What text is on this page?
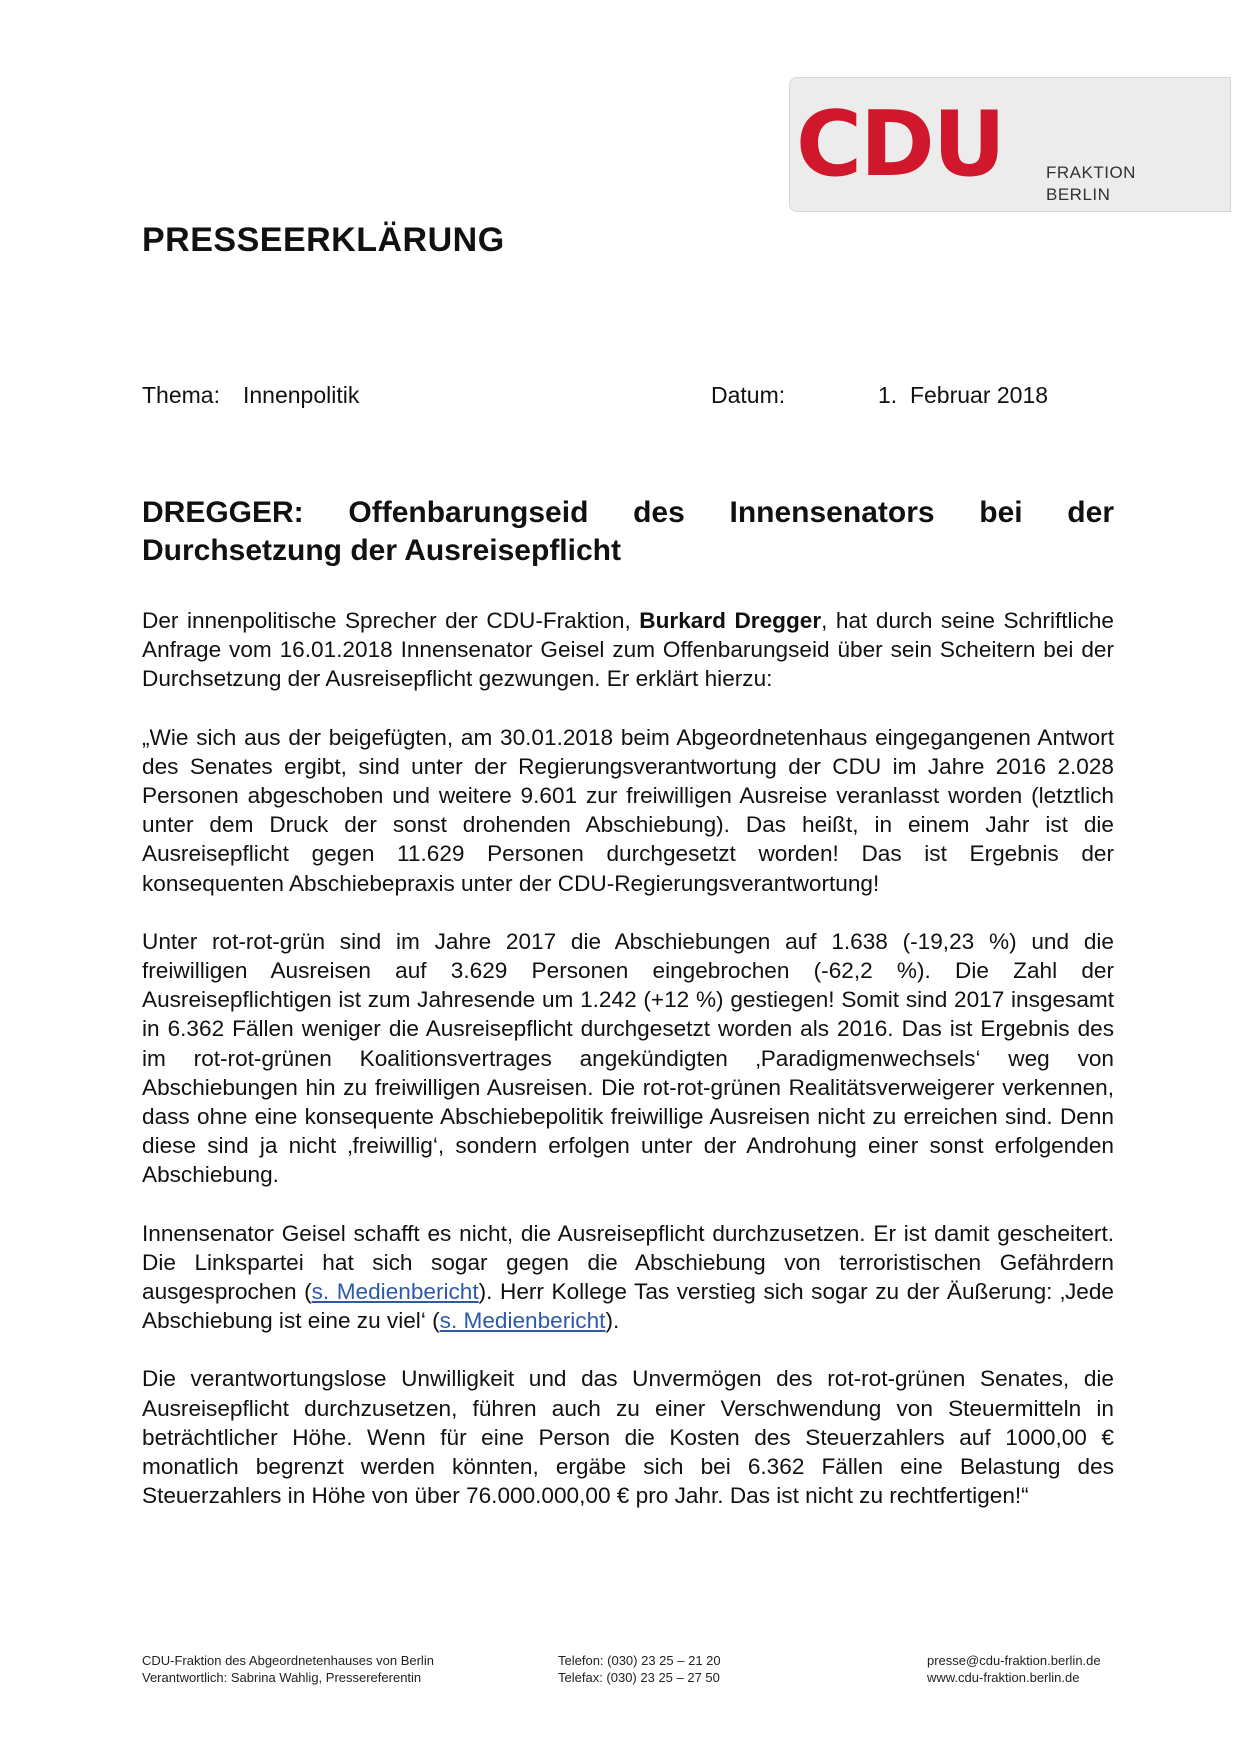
CDU FRAKTION
BERLIN
PRESSEERKLÄRUNG
Thema: Innenpolitik	Datum:	1.  Februar 2018
DREGGER: Offenbarungseid des Innensenators bei der
Durchsetzung der Ausreisepflicht

Der innenpolitische Sprecher der CDU-Fraktion, Burkard Dregger, hat durch seine Schriftliche Anfrage vom 16.01.2018 Innensenator Geisel zum Offenbarungseid über sein Scheitern bei der Durchsetzung der Ausreisepflicht gezwungen. Er erklärt hierzu:

„Wie sich aus der beigefügten, am 30.01.2018 beim Abgeordnetenhaus eingegangenen Antwort des Senates ergibt, sind unter der Regierungsverantwortung der CDU im Jahre 2016 2.028 Personen abgeschoben und weitere 9.601 zur freiwilligen Ausreise veranlasst worden (letztlich unter dem Druck der sonst drohenden Abschiebung). Das heißt, in einem Jahr ist die Ausreisepflicht gegen 11.629 Personen durchgesetzt worden! Das ist Ergebnis der konsequenten Abschiebepraxis unter der CDU-Regierungsverantwortung!

Unter rot-rot-grün sind im Jahre 2017 die Abschiebungen auf 1.638 (-19,23 %) und die freiwilligen Ausreisen auf 3.629 Personen eingebrochen (-62,2 %). Die Zahl der Ausreisepflichtigen ist zum Jahresende um 1.242 (+12 %) gestiegen! Somit sind 2017 insgesamt in 6.362 Fällen weniger die Ausreisepflicht durchgesetzt worden als 2016. Das ist Ergebnis des im rot-rot-grünen Koalitionsvertrages angekündigten ‚Paradigmenwechsels‘ weg von Abschiebungen hin zu freiwilligen Ausreisen. Die rot-rot-grünen Realitätsverweigerer verkennen, dass ohne eine konsequente Abschiebepolitik freiwillige Ausreisen nicht zu erreichen sind. Denn diese sind ja nicht ‚freiwillig‘, sondern erfolgen unter der Androhung einer sonst erfolgenden Abschiebung.

Innensenator Geisel schafft es nicht, die Ausreisepflicht durchzusetzen. Er ist damit gescheitert. Die Linkspartei hat sich sogar gegen die Abschiebung von terroristischen Gefährdern ausgesprochen (s. Medienbericht). Herr Kollege Tas verstieg sich sogar zu der Äußerung: ‚Jede Abschiebung ist eine zu viel‘ (s. Medienbericht).

Die verantwortungslose Unwilligkeit und das Unvermögen des rot-rot-grünen Senates, die Ausreisepflicht durchzusetzen, führen auch zu einer Verschwendung von Steuermitteln in beträchtlicher Höhe. Wenn für eine Person die Kosten des Steuerzahlers auf 1000,00 € monatlich begrenzt werden könnten, ergäbe sich bei 6.362 Fällen eine Belastung des Steuerzahlers in Höhe von über 76.000.000,00 € pro Jahr. Das ist nicht zu rechtfertigen!“

CDU-Fraktion des Abgeordnetenhauses von Berlin
Verantwortlich: Sabrina Wahlig, Pressereferentin
Telefon: (030) 23 25 – 21 20
Telefax: (030) 23 25 – 27 50
presse@cdu-fraktion.berlin.de
www.cdu-fraktion.berlin.de
